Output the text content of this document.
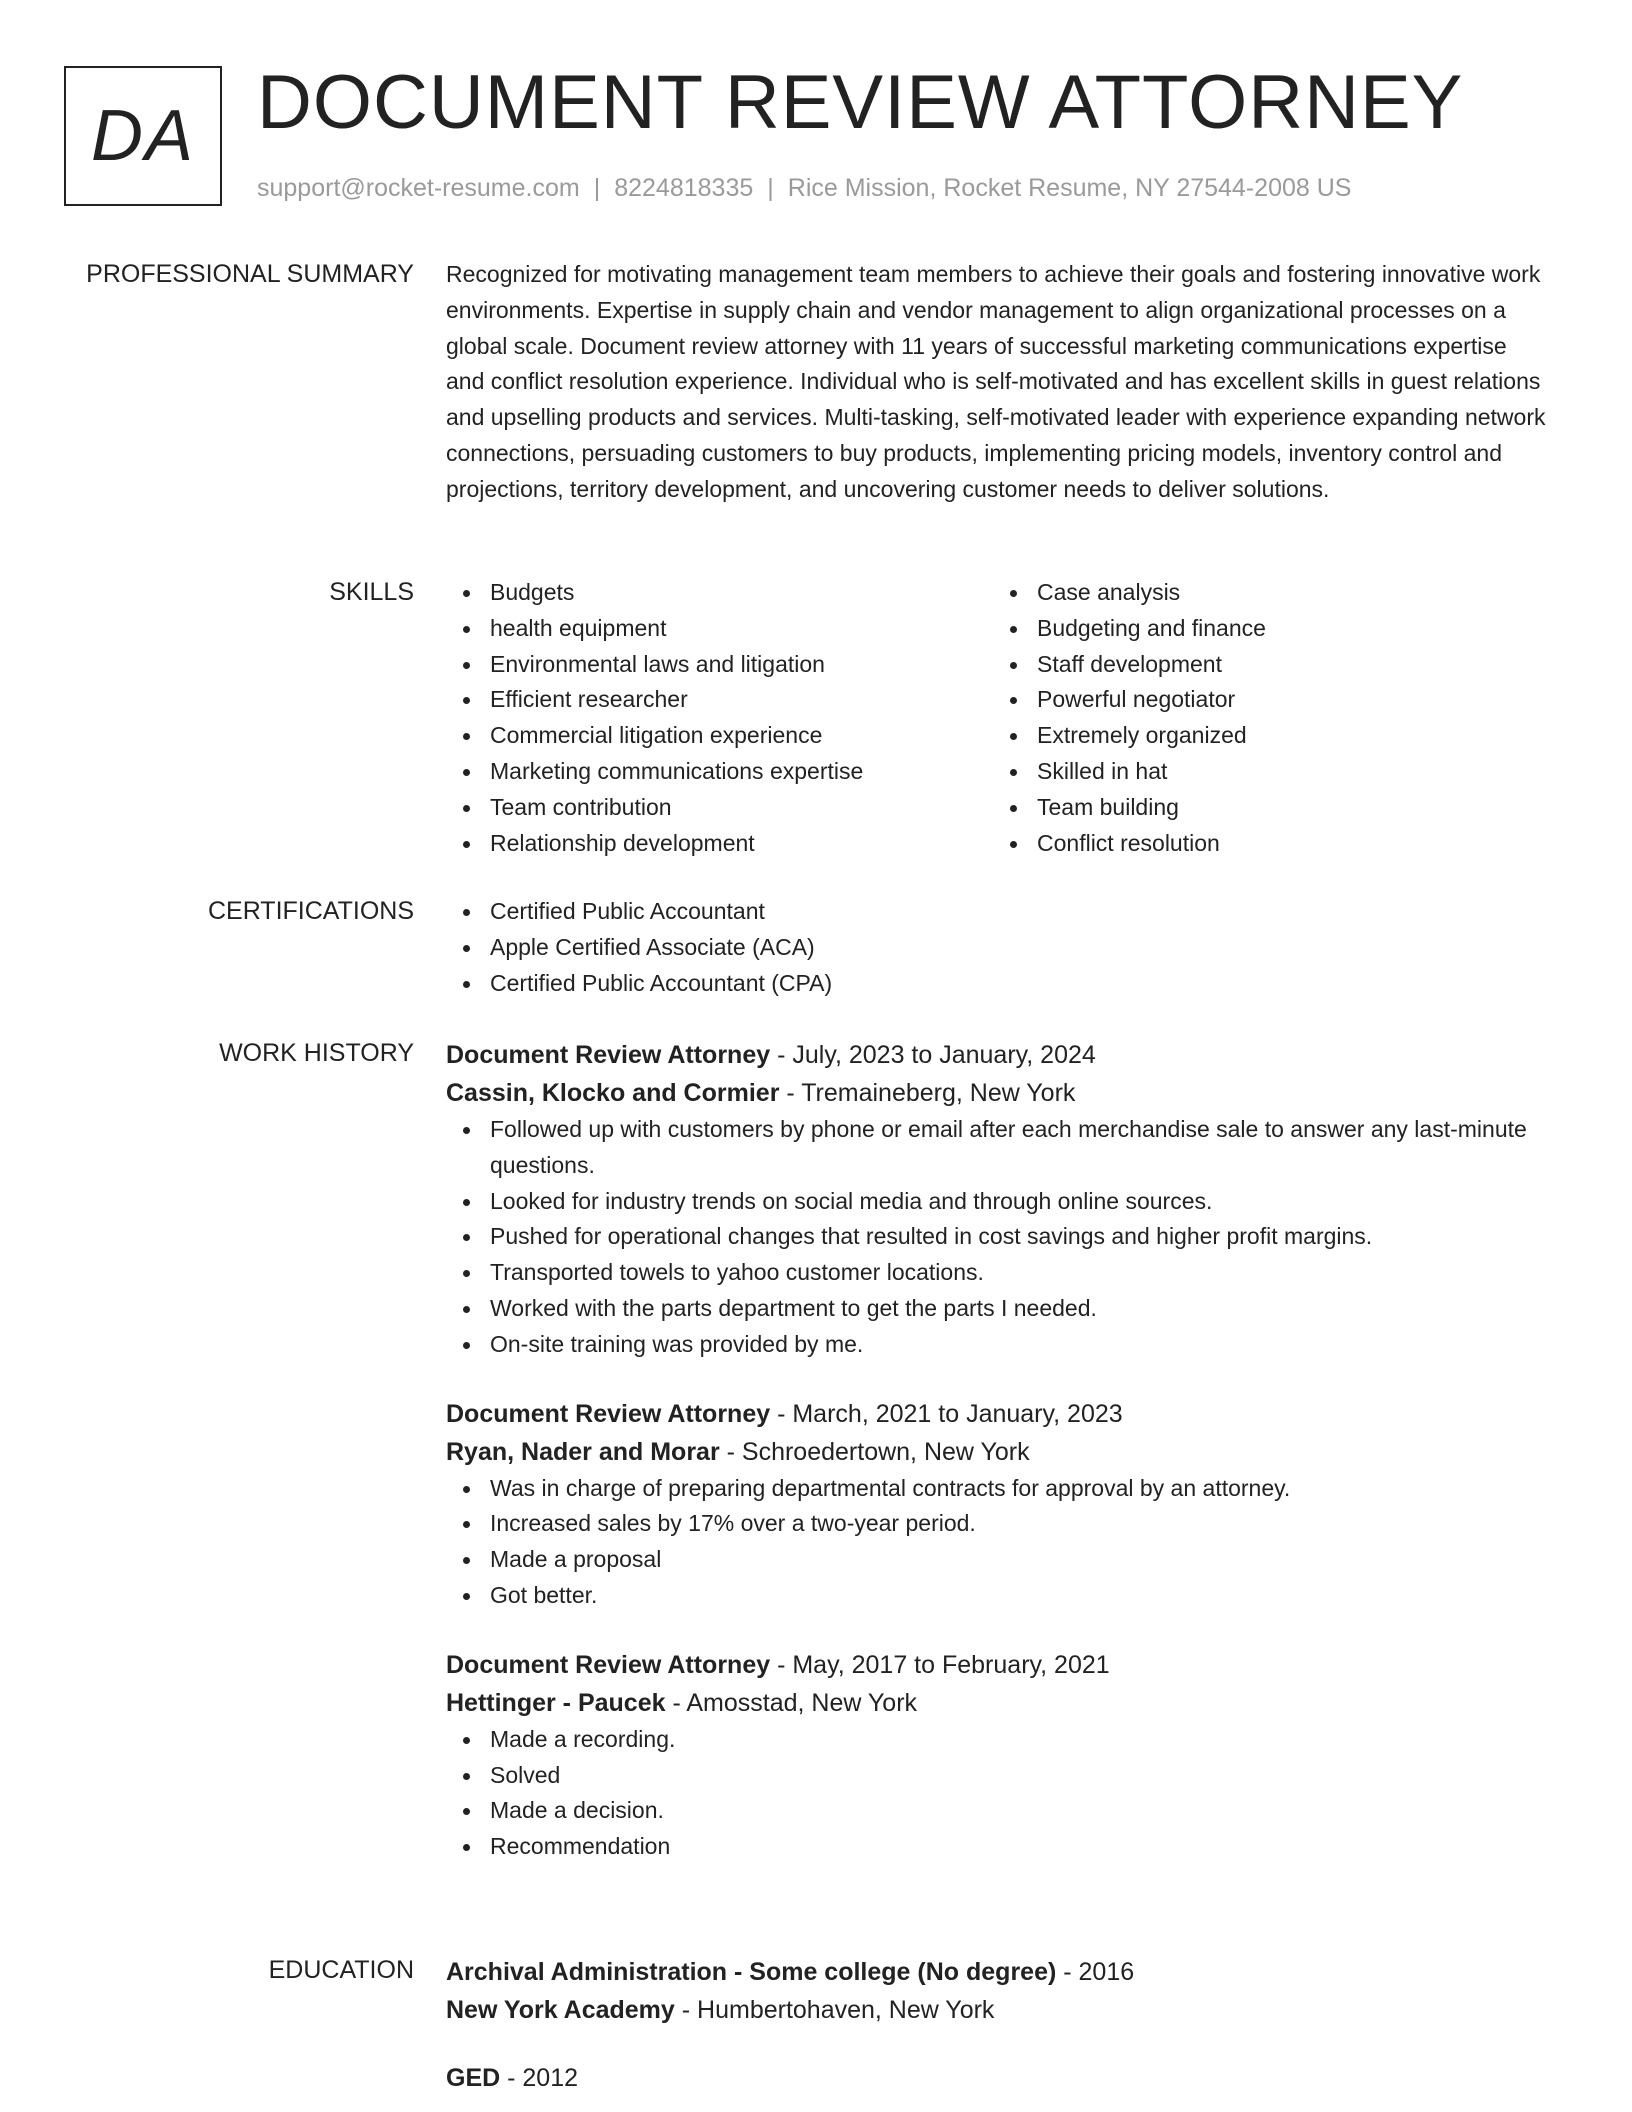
DA DOCUMENT REVIEW ATTORNEY
support@rocket-resume.com | 8224818335 | Rice Mission, Rocket Resume, NY 27544-2008 US
PROFESSIONAL SUMMARY Recognized for motivating management team members to achieve their goals and fostering innovative work environments. Expertise in supply chain and vendor management to align organizational processes on a global scale. Document review attorney with 11 years of successful marketing communications expertise and conflict resolution experience. Individual who is self-motivated and has excellent skills in guest relations and upselling products and services. Multi-tasking, self-motivated leader with experience expanding network connections, persuading customers to buy products, implementing pricing models, inventory control and projections, territory development, and uncovering customer needs to deliver solutions.

SKILLS	Budgets
health equipment
Environmental laws and litigation
Efficient researcher
Commercial litigation experience
Marketing communications expertise
Team contribution
Relationship development
Case analysis
Budgeting and finance
Staff development
Powerful negotiator
Extremely organized
Skilled in hat
Team building
Conflict resolution
CERTIFICATIONS	Certified Public Accountant
Apple Certified Associate (ACA)
Certified Public Accountant (CPA)
WORK HISTORY Document Review Attorney - July, 2023 to January, 2024
Cassin, Klocko and Cormier - Tremaineberg, New York
Followed up with customers by phone or email after each merchandise sale to answer any last-minute questions.
Looked for industry trends on social media and through online sources.
Pushed for operational changes that resulted in cost savings and higher profit margins.
Transported towels to yahoo customer locations.
Worked with the parts department to get the parts I needed.
On-site training was provided by me.
Document Review Attorney - March, 2021 to January, 2023
Ryan, Nader and Morar - Schroedertown, New York
Was in charge of preparing departmental contracts for approval by an attorney.
Increased sales by 17% over a two-year period.
Made a proposal
Got better.
Document Review Attorney - May, 2017 to February, 2021
Hettinger - Paucek - Amosstad, New York
Made a recording.
Solved
Made a decision.
Recommendation
EDUCATION Archival Administration - Some college (No degree) - 2016
New York Academy - Humbertohaven, New York
GED - 2012
